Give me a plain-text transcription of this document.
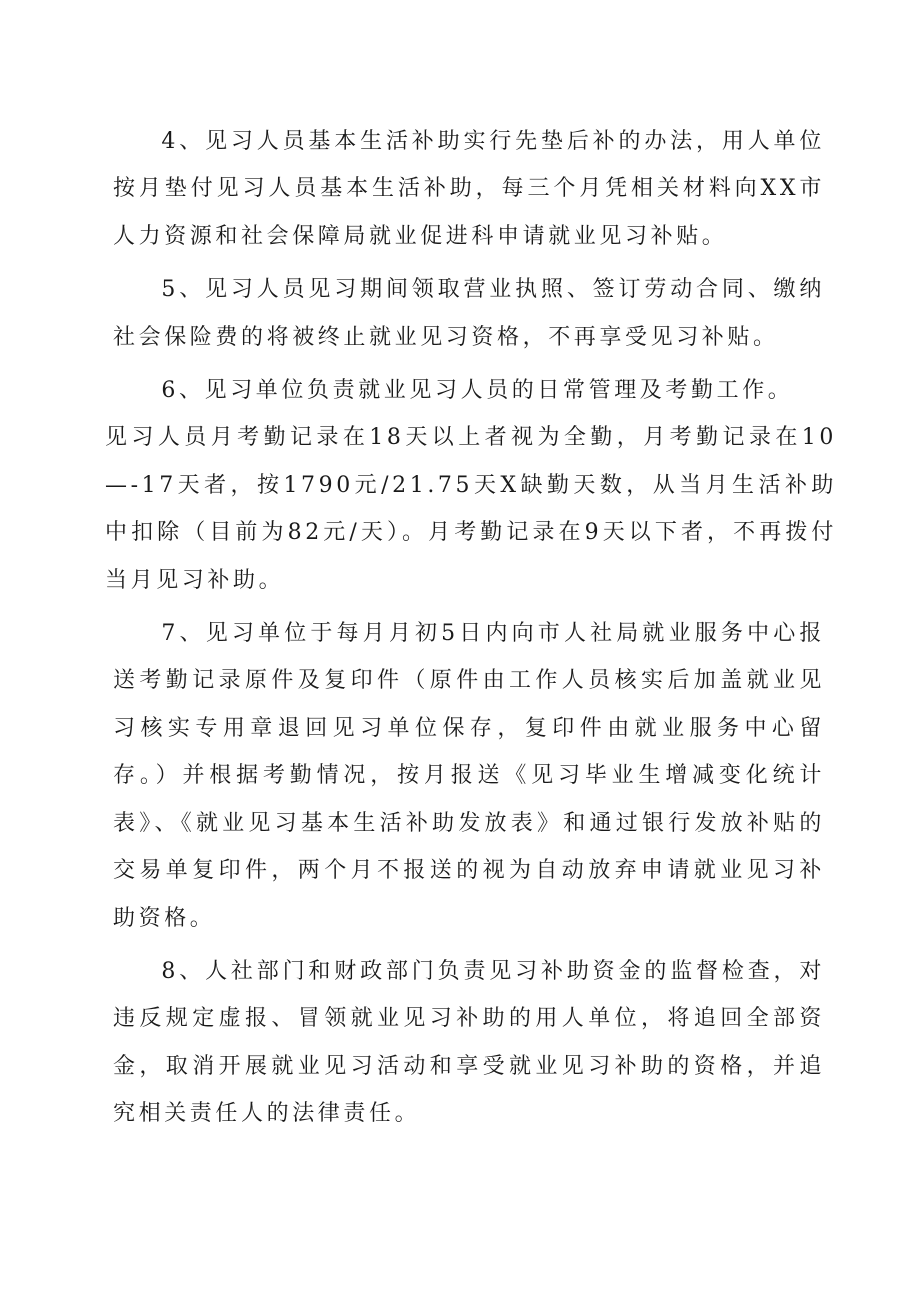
4、见习人员基本生活补助实行先垫后补的办法，用人单位按月垫付见习人员基本生活补助，每三个月凭相关材料向XX市人力资源和社会保障局就业促进科申请就业见习补贴。

5、见习人员见习期间领取营业执照、签订劳动合同、缴纳社会保险费的将被终止就业见习资格，不再享受见习补贴。

6、见习单位负责就业见习人员的日常管理及考勤工作。

见习人员月考勤记录在18天以上者视为全勤，月考勤记录在10—-17天者，按1790元/21.75天X缺勤天数，从当月生活补助中扣除（目前为82元/天）。月考勤记录在9天以下者，不再拨付当月见习补助。

7、见习单位于每月月初5日内向市人社局就业服务中心报送考勤记录原件及复印件（原件由工作人员核实后加盖就业见习核实专用章退回见习单位保存，复印件由就业服务中心留存。）并根据考勤情况，按月报送《见习毕业生增减变化统计表》、《就业见习基本生活补助发放表》和通过银行发放补贴的交易单复印件，两个月不报送的视为自动放弃申请就业见习补助资格。

8、人社部门和财政部门负责见习补助资金的监督检查，对违反规定虚报、冒领就业见习补助的用人单位，将追回全部资金，取消开展就业见习活动和享受就业见习补助的资格，并追究相关责任人的法律责任。
